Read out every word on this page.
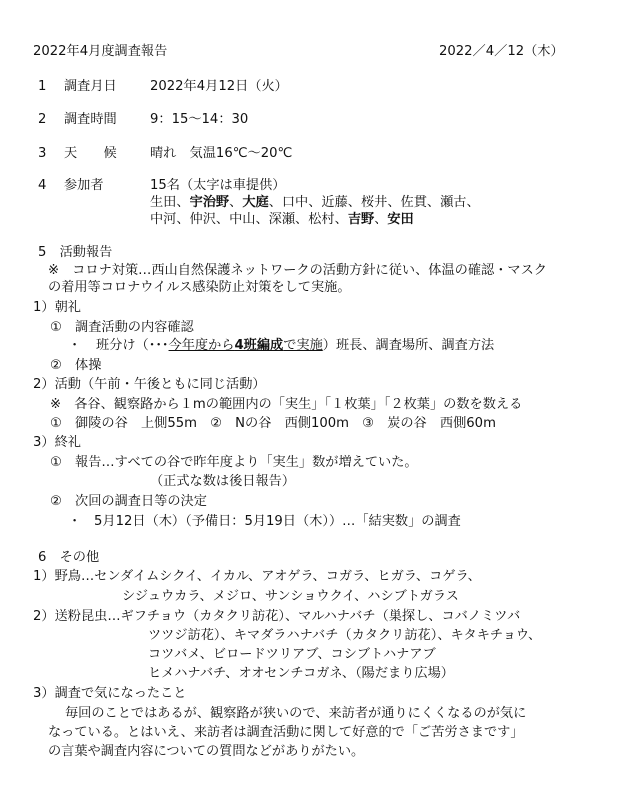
2022年4月度調査報告	2022／4／12（木）
1 調査月日	2022年4月12日（火）
2 調査時間	9：15〜14：30
3 天　　候	晴れ　気温16℃〜20℃
4 参加者	15名（太字は車提供）
生田、宇治野、大庭、口中、近藤、桜井、佐貫、瀬古、
中河、仲沢、中山、深瀬、松村、吉野、安田
5　活動報告
※　コロナ対策…西山自然保護ネットワークの活動方針に従い、体温の確認・マスク
の着用等コロナウイルス感染防止対策をして実施。
1）朝礼
①　調査活動の内容確認
・ 班分け（･･･今年度から4班編成で実施）班長、調査場所、調査方法
②　体操
2）活動（午前・午後ともに同じ活動）
※　各谷、観察路から１mの範囲内の「実生」「１枚葉」「２枚葉」の数を数える
①　御陵の谷　上側55m　②　Nの谷　西側100m　③　炭の谷　西側60m
3）終礼
①　報告…すべての谷で昨年度より「実生」数が増えていた。
（正式な数は後日報告）
②　次回の調査日等の決定
・ 5月12日（木）（予備日：5月19日（木））…「結実数」の調査
6　その他
1）野鳥…センダイムシクイ、イカル、アオゲラ、コガラ、ヒガラ、コゲラ、
シジュウカラ、メジロ、サンショウクイ、ハシブトガラス
2）送粉昆虫…ギフチョウ（カタクリ訪花）、マルハナバチ（巣探し、コバノミツバ
ツツジ訪花）、キマダラハナバチ（カタクリ訪花）、キタキチョウ、
コツバメ、ビロードツリアブ、コシブトハナアブ
ヒメハナバチ、オオセンチコガネ、（陽だまり広場）
3）調査で気になったこと
毎回のことではあるが、観察路が狭いので、来訪者が通りにくくなるのが気に
なっている。とはいえ、来訪者は調査活動に関して好意的で「ご苦労さまです」
の言葉や調査内容についての質問などがありがたい。
